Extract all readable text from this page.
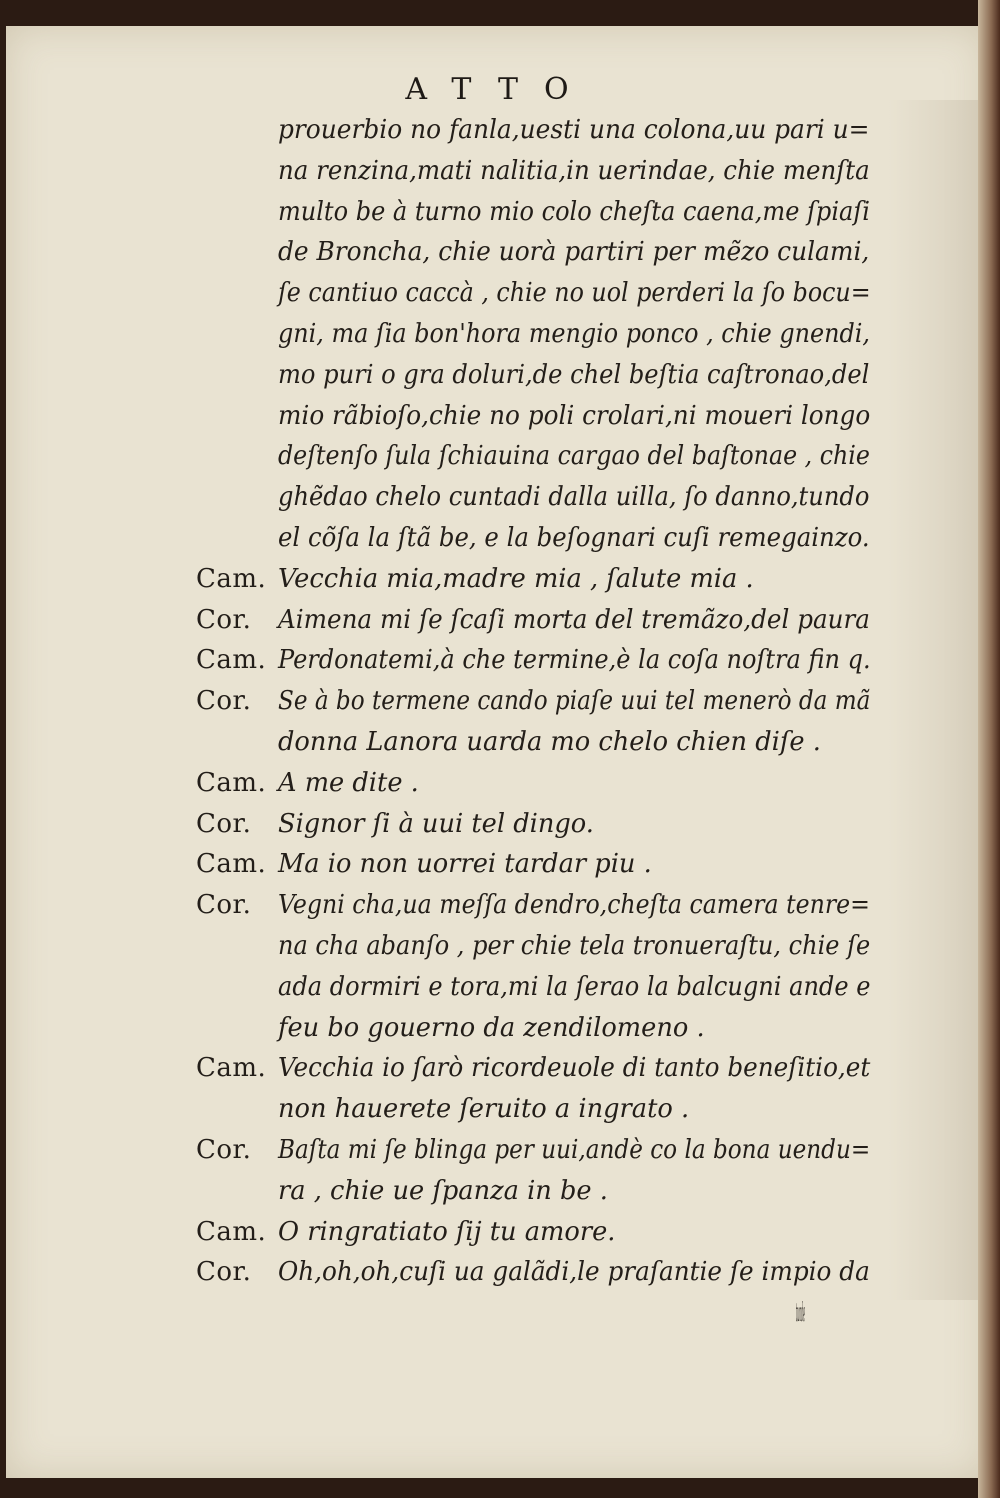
ATTO
prouerbio no fanla,uesti una colona,uu pari u=
na renzina,mati nalitia,in uerindae, chie menſta
multo be à turno mio colo cheſta caena,me ſpiaſi
de Broncha, chie uorà partiri per mẽzo culami,
ſe cantiuo caccà , chie no uol perderi la ſo bocu=
gni, ma ſia bon'hora mengio ponco , chie gnendi,
mo puri o gra doluri,de chel beſtia caſtronao,del
mio rãbioſo,chie no poli crolari,ni moueri longo
deſtenſo ſula ſchiauina cargao del baſtonae , chie
ghẽdao chelo cuntadi dalla uilla, ſo danno,tundo
el cõſa la ſtã be, e la beſognari cuſi remegainzo.
Cam. Vecchia mia,madre mia , ſalute mia .
Cor.	Aimena mi ſe ſcaſi morta del tremãzo,del paura
Cam. Perdonatemi,à che termine,è la coſa noſtra fin q.
Cor.	Se à bo termene cando piaſe uui tel menerò da mã
donna Lanora uarda mo chelo chien diſe .
Cam. A me dite .
Cor.	Signor ſi à uui tel dingo.
Cam. Ma io non uorrei tardar piu .
Cor.	Vegni cha,ua meſſa dendro,cheſta camera tenre=
na cha abanſo , per chie tela tronueraſtu, chie ſe
ada dormiri e tora,mi la ſerao la balcugni ande e
feu bo gouerno da zendilomeno .
Cam. Vecchia io ſarò ricordeuole di tanto beneſitio,et
non hauerete ſeruito a ingrato .
Cor.	Baſta mi ſe blinga per uui,andè co la bona uendu=
ra , chie ue ſpanza in be .
Cam. O ringratiato ſij tu amore.
Cor.	Oh,oh,oh,cuſi ua galãdi,le praſantie ſe impio da
tunde
